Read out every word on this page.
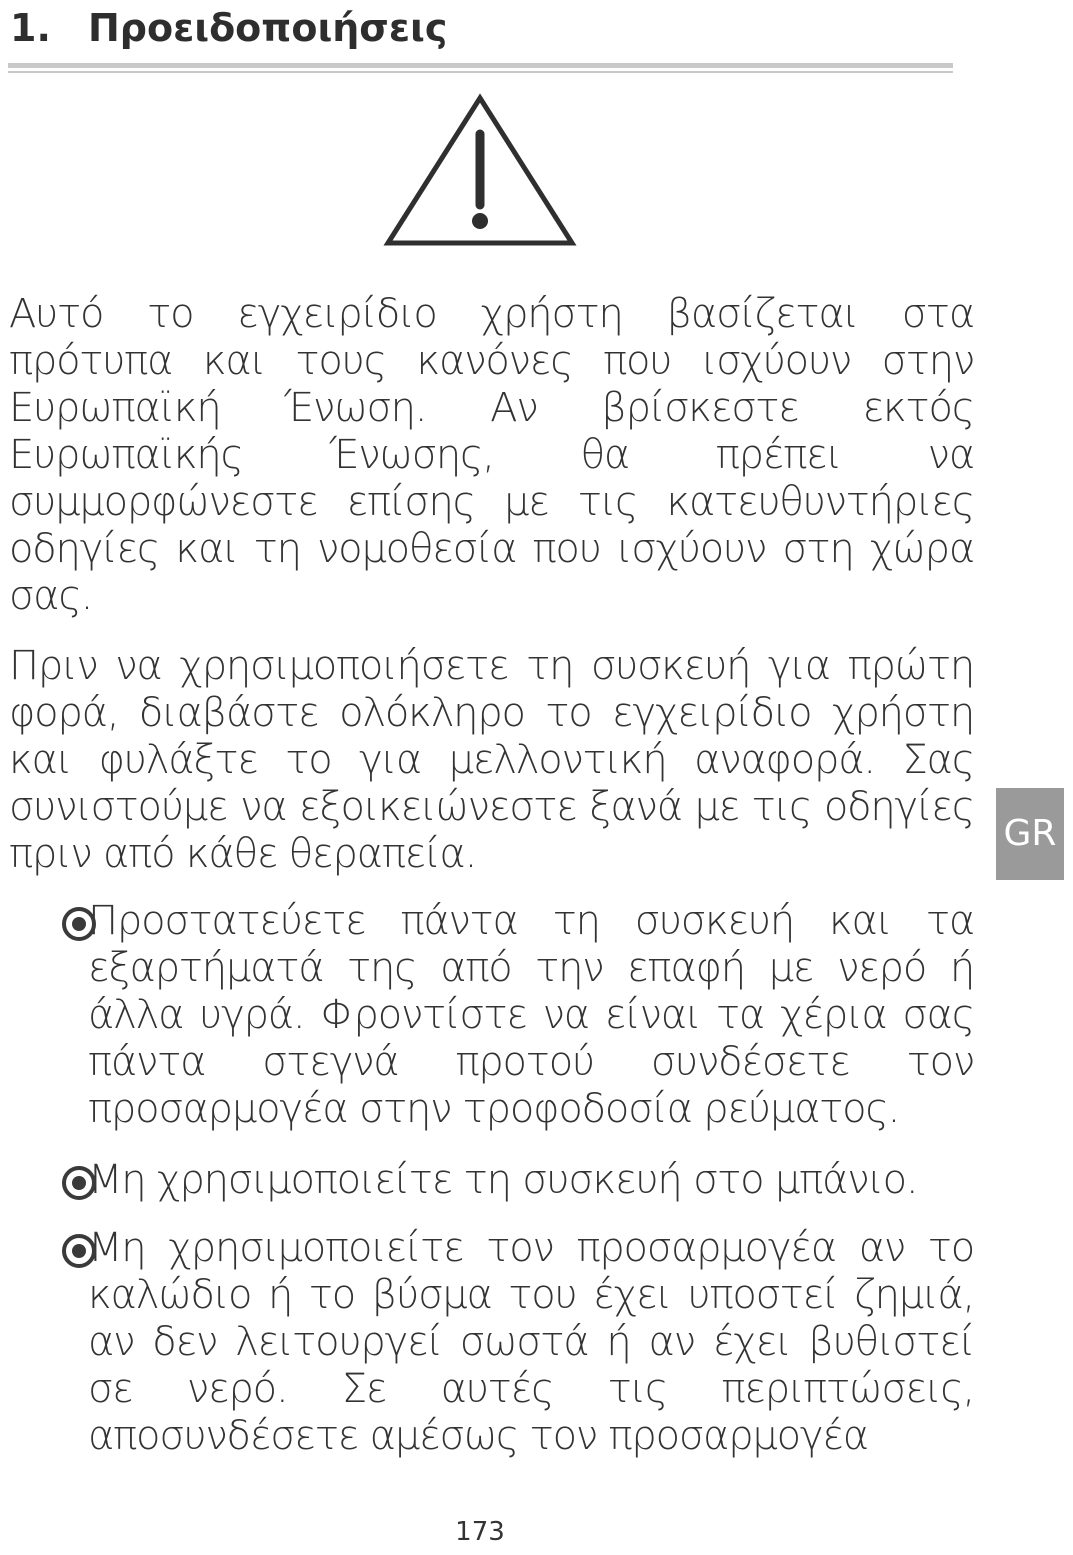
1. Προειδοποιήσεις

Αυτό το εγχειρίδιο χρήστη βασίζεται στα πρότυπα και τους κανόνες που ισχύουν στην Ευρωπαϊκή Ένωση. Αν βρίσκεστε εκτός Ευρωπαϊκής Ένωσης, θα πρέπει να συμμορφώνεστε επίσης με τις κατευθυντήριες οδηγίες και τη νομοθεσία που ισχύουν στη χώρα σας.

Πριν να χρησιμοποιήσετε τη συσκευή για πρώτη φορά, διαβάστε ολόκληρο το εγχειρίδιο χρήστη και φυλάξτε το για μελλοντική αναφορά. Σας συνιστούμε να εξοικειώνεστε ξανά με τις οδηγίες πριν από κάθε θεραπεία.

Προστατεύετε πάντα τη συσκευή και τα εξαρτήματά της από την επαφή με νερό ή άλλα υγρά. Φροντίστε να είναι τα χέρια σας πάντα στεγνά προτού συνδέσετε τον προσαρμογέα στην τροφοδοσία ρεύματος.

Μη χρησιμοποιείτε τη συσκευή στο μπάνιο.

Μη χρησιμοποιείτε τον προσαρμογέα αν το καλώδιο ή το βύσμα του έχει υποστεί ζημιά, αν δεν λειτουργεί σωστά ή αν έχει βυθιστεί σε νερό. Σε αυτές τις περιπτώσεις, αποσυνδέσετε αμέσως τον προσαρμογέα

GR
173
